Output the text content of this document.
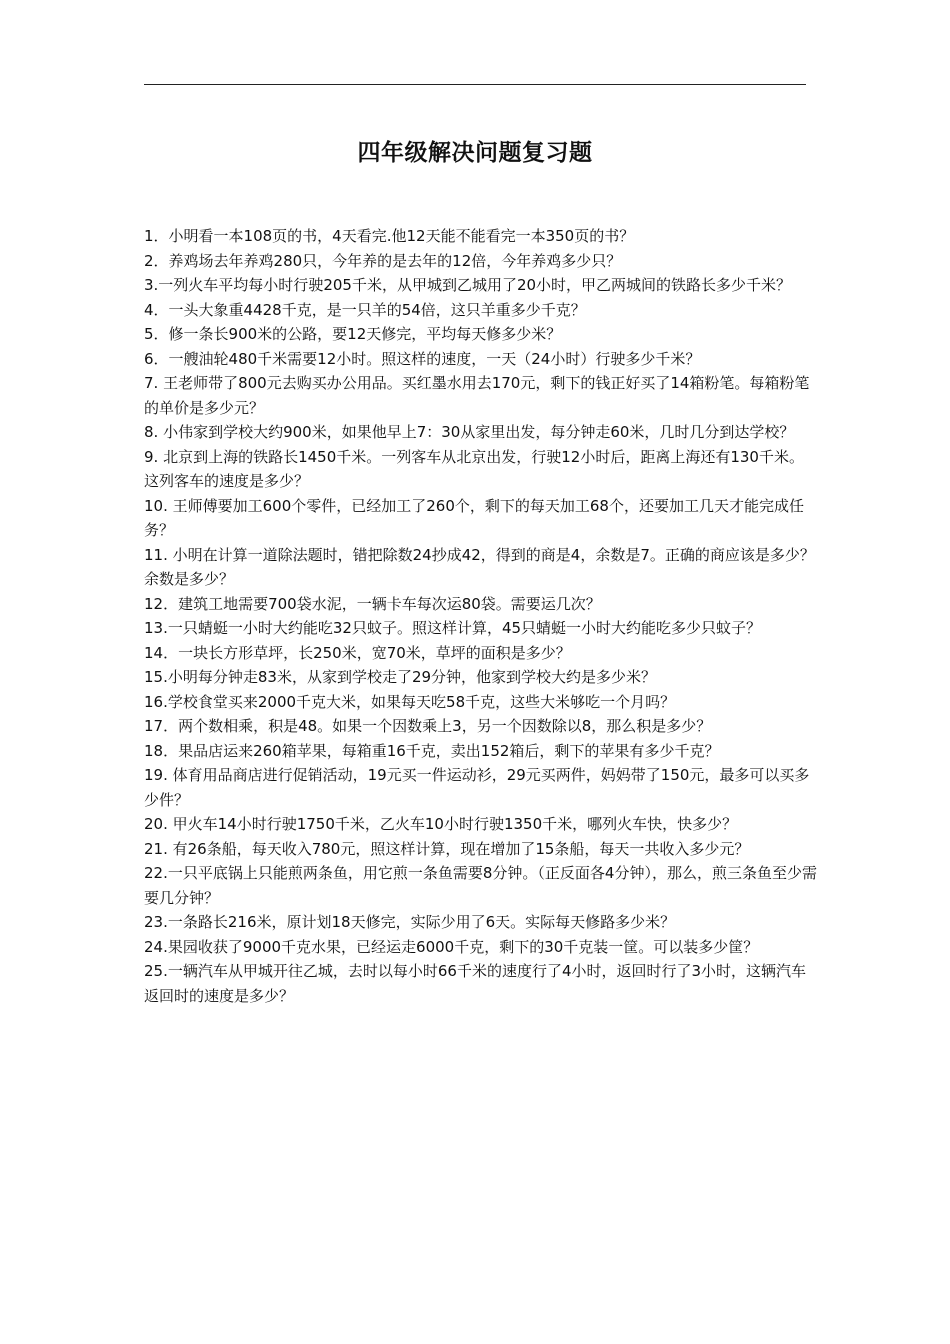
四年级解决问题复习题
1．小明看一本108页的书，4天看完.他12天能不能看完一本350页的书？
2．养鸡场去年养鸡280只，今年养的是去年的12倍，今年养鸡多少只？
3.一列火车平均每小时行驶205千米，从甲城到乙城用了20小时，甲乙两城间的铁路长多少千米？
4．一头大象重4428千克，是一只羊的54倍，这只羊重多少千克？
5．修一条长900米的公路，要12天修完，平均每天修多少米？
6．一艘油轮480千米需要12小时。照这样的速度，一天（24小时）行驶多少千米？
7. 王老师带了800元去购买办公用品。买红墨水用去170元，剩下的钱正好买了14箱粉笔。每箱粉笔的单价是多少元？
8. 小伟家到学校大约900米，如果他早上7：30从家里出发，每分钟走60米，几时几分到达学校？
9. 北京到上海的铁路长1450千米。一列客车从北京出发，行驶12小时后，距离上海还有130千米。这列客车的速度是多少？
10. 王师傅要加工600个零件，已经加工了260个，剩下的每天加工68个，还要加工几天才能完成任务？
11. 小明在计算一道除法题时，错把除数24抄成42，得到的商是4，余数是7。正确的商应该是多少？余数是多少？
12．建筑工地需要700袋水泥，一辆卡车每次运80袋。需要运几次？
13.一只蜻蜓一小时大约能吃32只蚊子。照这样计算，45只蜻蜓一小时大约能吃多少只蚊子？
14．一块长方形草坪，长250米，宽70米，草坪的面积是多少？
15.小明每分钟走83米，从家到学校走了29分钟，他家到学校大约是多少米？
16.学校食堂买来2000千克大米，如果每天吃58千克，这些大米够吃一个月吗？
17．两个数相乘，积是48。如果一个因数乘上3，另一个因数除以8，那么积是多少？
18．果品店运来260箱苹果，每箱重16千克，卖出152箱后，剩下的苹果有多少千克？
19. 体育用品商店进行促销活动，19元买一件运动衫，29元买两件，妈妈带了150元，最多可以买多少件？
20. 甲火车14小时行驶1750千米，乙火车10小时行驶1350千米，哪列火车快，快多少？
21. 有26条船，每天收入780元，照这样计算，现在增加了15条船，每天一共收入多少元？
22.一只平底锅上只能煎两条鱼，用它煎一条鱼需要8分钟。（正反面各4分钟），那么，煎三条鱼至少需要几分钟？
23.一条路长216米，原计划18天修完，实际少用了6天。实际每天修路多少米？
24.果园收获了9000千克水果，已经运走6000千克，剩下的30千克装一筐。可以装多少筐？
25.一辆汽车从甲城开往乙城，去时以每小时66千米的速度行了4小时，返回时行了3小时，这辆汽车返回时的速度是多少？
